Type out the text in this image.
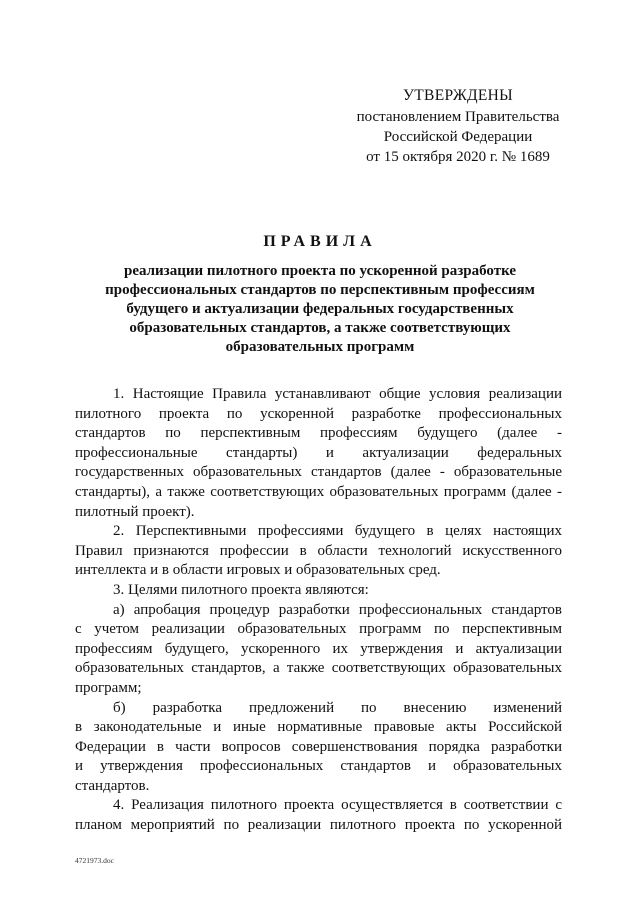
УТВЕРЖДЕНЫ
постановлением Правительства
Российской Федерации
от 15 октября 2020 г. № 1689
ПРАВИЛА
реализации пилотного проекта по ускоренной разработке
профессиональных стандартов по перспективным профессиям
будущего и актуализации федеральных государственных
образовательных стандартов, а также соответствующих
образовательных программ
1. Настоящие Правила устанавливают общие условия реализации
пилотного проекта по ускоренной разработке профессиональных
стандартов по перспективным профессиям будущего (далее -
профессиональные стандарты) и актуализации федеральных
государственных образовательных стандартов (далее - образовательные
стандарты), а также соответствующих образовательных программ (далее -
пилотный проект).
2. Перспективными профессиями будущего в целях настоящих
Правил признаются профессии в области технологий искусственного
интеллекта и в области игровых и образовательных сред.
3. Целями пилотного проекта являются:
а) апробация процедур разработки профессиональных стандартов
с учетом реализации образовательных программ по перспективным
профессиям будущего, ускоренного их утверждения и актуализации
образовательных стандартов, а также соответствующих образовательных
программ;
б) разработка предложений по внесению изменений
в законодательные и иные нормативные правовые акты Российской
Федерации в части вопросов совершенствования порядка разработки
и утверждения профессиональных стандартов и образовательных
стандартов.
4. Реализация пилотного проекта осуществляется в соответствии с
планом мероприятий по реализации пилотного проекта по ускоренной
4721973.doc
